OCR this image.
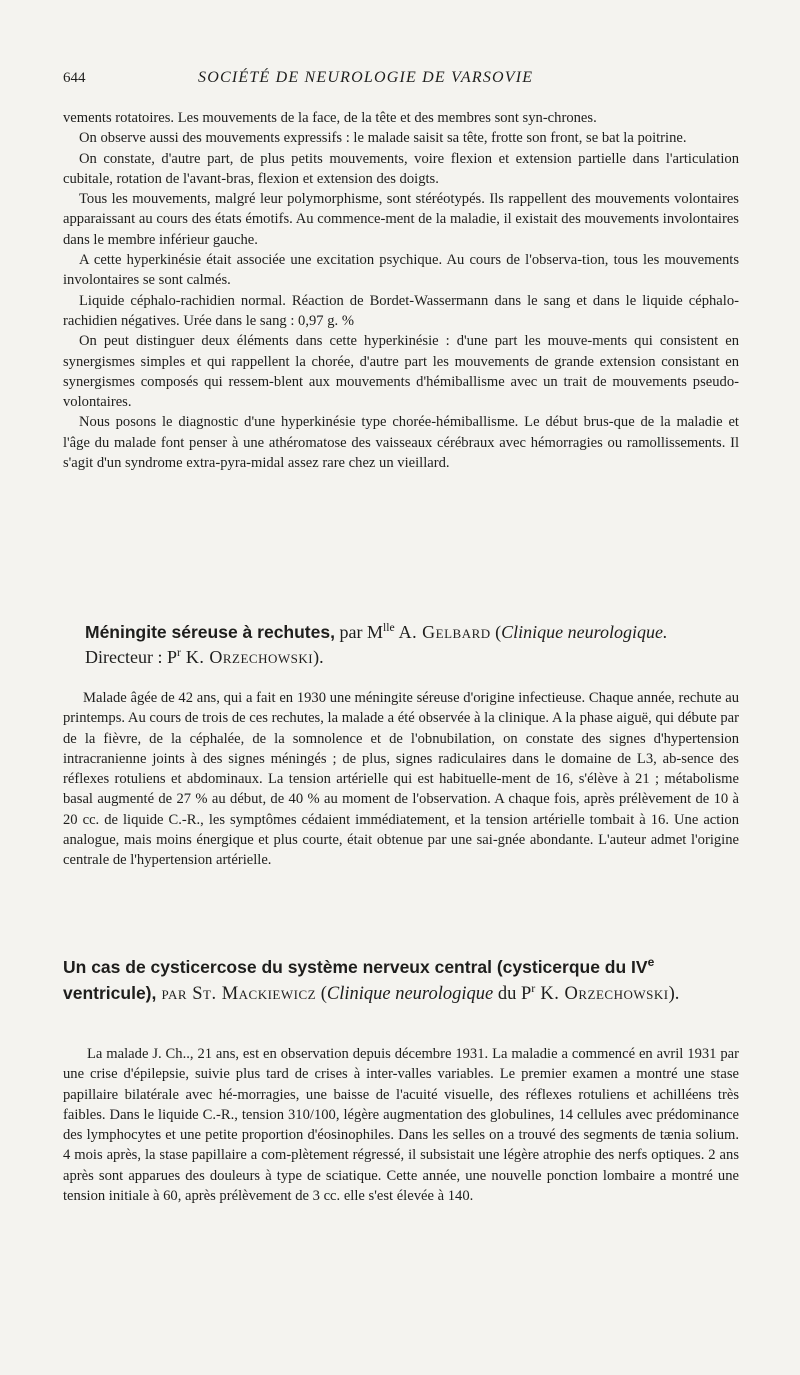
644	SOCIÉTÉ DE NEUROLOGIE DE VARSOVIE

vements rotatoires. Les mouvements de la face, de la tête et des membres sont syn-chrones.

On observe aussi des mouvements expressifs : le malade saisit sa tête, frotte son front, se bat la poitrine.

On constate, d'autre part, de plus petits mouvements, voire flexion et extension partielle dans l'articulation cubitale, rotation de l'avant-bras, flexion et extension des doigts.

Tous les mouvements, malgré leur polymorphisme, sont stéréotypés. Ils rappellent des mouvements volontaires apparaissant au cours des états émotifs. Au commence-ment de la maladie, il existait des mouvements involontaires dans le membre inférieur gauche.

A cette hyperkinésie était associée une excitation psychique. Au cours de l'observa-tion, tous les mouvements involontaires se sont calmés.

Liquide céphalo-rachidien normal. Réaction de Bordet-Wassermann dans le sang et dans le liquide céphalo-rachidien négatives. Urée dans le sang : 0,97 g. %

On peut distinguer deux éléments dans cette hyperkinésie : d'une part les mouve-ments qui consistent en synergismes simples et qui rappellent la chorée, d'autre part les mouvements de grande extension consistant en synergismes composés qui ressem-blent aux mouvements d'hémiballisme avec un trait de mouvements pseudo-volontaires.

Nous posons le diagnostic d'une hyperkinésie type chorée-hémiballisme. Le début brus-que de la maladie et l'âge du malade font penser à une athéromatose des vaisseaux cérébraux avec hémorragies ou ramollissements. Il s'agit d'un syndrome extra-pyra-midal assez rare chez un vieillard.

Méningite séreuse à rechutes, par $M^{lle}$ A. Gelbard (Clinique neurologique. Directeur : $P^r$ K. Orzechowski).

Malade âgée de 42 ans, qui a fait en 1930 une méningite séreuse d'origine infectieuse. Chaque année, rechute au printemps. Au cours de trois de ces rechutes, la malade a été observée à la clinique. A la phase aiguë, qui débute par de la fièvre, de la céphalée, de la somnolence et de l'obnubilation, on constate des signes d'hypertension intracranienne joints à des signes méningés ; de plus, signes radiculaires dans le domaine de L3, ab-sence des réflexes rotuliens et abdominaux. La tension artérielle qui est habituelle-ment de 16, s'élève à 21 ; métabolisme basal augmenté de 27 % au début, de 40 % au moment de l'observation. A chaque fois, après prélèvement de 10 à 20 cc. de liquide C.-R., les symptômes cédaient immédiatement, et la tension artérielle tombait à 16. Une action analogue, mais moins énergique et plus courte, était obtenue par une sai-gnée abondante. L'auteur admet l'origine centrale de l'hypertension artérielle.

Un cas de cysticercose du système nerveux central (cysticerque du IVe ventricule), par St. Mackiewicz (Clinique neurologique du $P^r$ K. Orzechowski).

La malade J. Ch.., 21 ans, est en observation depuis décembre 1931. La maladie a commencé en avril 1931 par une crise d'épilepsie, suivie plus tard de crises à inter-valles variables. Le premier examen a montré une stase papillaire bilatérale avec hé-morragies, une baisse de l'acuité visuelle, des réflexes rotuliens et achilléens très faibles. Dans le liquide C.-R., tension 310/100, légère augmentation des globulines, 14 cellules avec prédominance des lymphocytes et une petite proportion d'éosinophiles. Dans les selles on a trouvé des segments de tænia solium. 4 mois après, la stase papillaire a com-plètement régressé, il subsistait une légère atrophie des nerfs optiques. 2 ans après sont apparues des douleurs à type de sciatique. Cette année, une nouvelle ponction lombaire a montré une tension initiale à 60, après prélèvement de 3 cc. elle s'est élevée à 140.
